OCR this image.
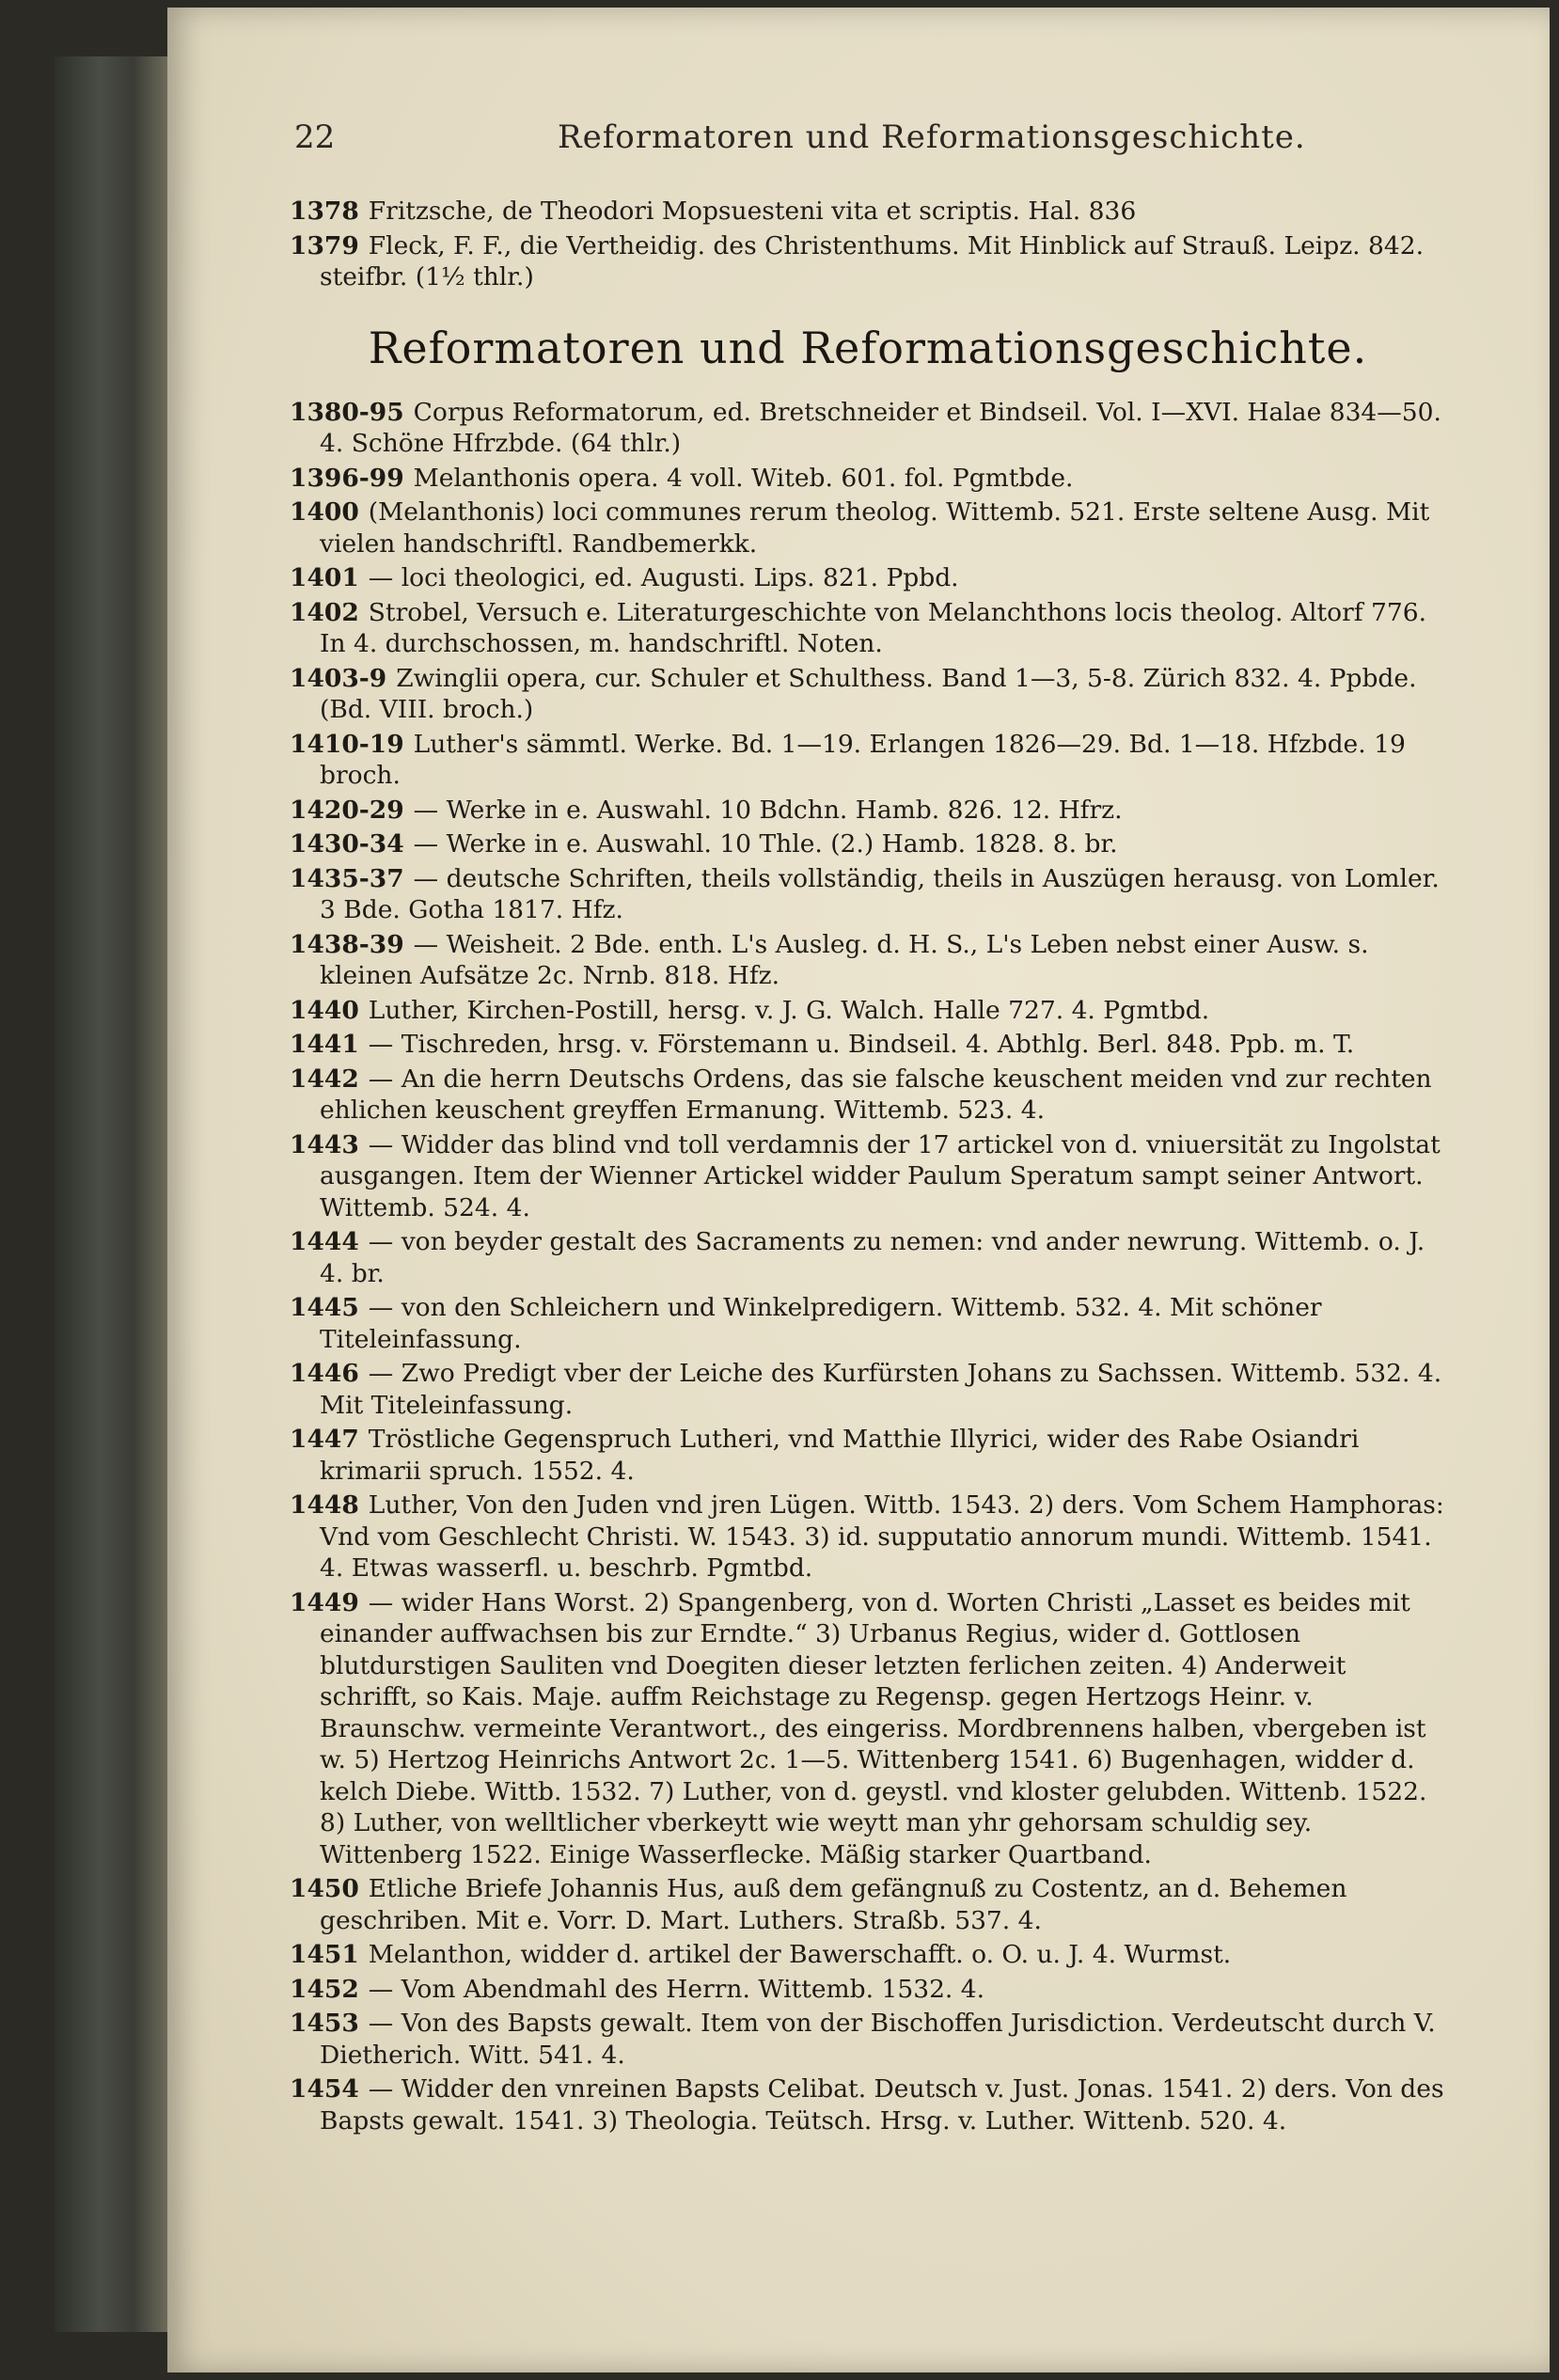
22	Reformatoren und Reformationsgeschichte.

1378 Fritzsche, de Theodori Mopsuesteni vita et scriptis. Hal. 836

1379 Fleck, F. F., die Vertheidig. des Christenthums. Mit Hinblick auf Strauß. Leipz. 842. steifbr. (1½ thlr.)

Reformatoren und Reformationsgeschichte.

1380-95 Corpus Reformatorum, ed. Bretschneider et Bindseil. Vol. I—XVI. Halae 834—50. 4. Schöne Hfrzbde. (64 thlr.)

1396-99 Melanthonis opera. 4 voll. Witeb. 601. fol. Pgmtbde.

1400 (Melanthonis) loci communes rerum theolog. Wittemb. 521. Erste seltene Ausg. Mit vielen handschriftl. Randbemerkk.

1401 — loci theologici, ed. Augusti. Lips. 821. Ppbd.

1402 Strobel, Versuch e. Literaturgeschichte von Melanchthons locis theolog. Altorf 776. In 4. durchschossen, m. handschriftl. Noten.

1403-9 Zwinglii opera, cur. Schuler et Schulthess. Band 1—3, 5-8. Zürich 832. 4. Ppbde. (Bd. VIII. broch.)

1410-19 Luther's sämmtl. Werke. Bd. 1—19. Erlangen 1826—29. Bd. 1—18. Hfzbde. 19 broch.

1420-29 — Werke in e. Auswahl. 10 Bdchn. Hamb. 826. 12. Hfrz.

1430-34 — Werke in e. Auswahl. 10 Thle. (2.) Hamb. 1828. 8. br.

1435-37 — deutsche Schriften, theils vollständig, theils in Auszügen herausg. von Lomler. 3 Bde. Gotha 1817. Hfz.

1438-39 — Weisheit. 2 Bde. enth. L's Ausleg. d. H. S., L's Leben nebst einer Ausw. s. kleinen Aufsätze 2c. Nrnb. 818. Hfz.

1440 Luther, Kirchen-Postill, hersg. v. J. G. Walch. Halle 727. 4. Pgmtbd.

1441 — Tischreden, hrsg. v. Förstemann u. Bindseil. 4. Abthlg. Berl. 848. Ppb. m. T.

1442 — An die herrn Deutschs Ordens, das sie falsche keuschent meiden vnd zur rechten ehlichen keuschent greyffen Ermanung. Wittemb. 523. 4.

1443 — Widder das blind vnd toll verdamnis der 17 artickel von d. vniuersität zu Ingolstat ausgangen. Item der Wienner Artickel widder Paulum Speratum sampt seiner Antwort. Wittemb. 524. 4.

1444 — von beyder gestalt des Sacraments zu nemen: vnd ander newrung. Wittemb. o. J. 4. br.

1445 — von den Schleichern und Winkelpredigern. Wittemb. 532. 4. Mit schöner Titeleinfassung.

1446 — Zwo Predigt vber der Leiche des Kurfürsten Johans zu Sachssen. Wittemb. 532. 4. Mit Titeleinfassung.

1447 Tröstliche Gegenspruch Lutheri, vnd Matthie Illyrici, wider des Rabe Osiandri krimarii spruch. 1552. 4.

1448 Luther, Von den Juden vnd jren Lügen. Wittb. 1543. 2) ders. Vom Schem Hamphoras: Vnd vom Geschlecht Christi. W. 1543. 3) id. supputatio annorum mundi. Wittemb. 1541. 4. Etwas wasserfl. u. beschrb. Pgmtbd.

1449 — wider Hans Worst. 2) Spangenberg, von d. Worten Christi „Lasset es beides mit einander auffwachsen bis zur Erndte.“ 3) Urbanus Regius, wider d. Gottlosen blutdurstigen Sauliten vnd Doegiten dieser letzten ferlichen zeiten. 4) Anderweit schrifft, so Kais. Maje. auffm Reichstage zu Regensp. gegen Hertzogs Heinr. v. Braunschw. vermeinte Verantwort., des eingeriss. Mordbrennens halben, vbergeben ist w. 5) Hertzog Heinrichs Antwort 2c. 1—5. Wittenberg 1541. 6) Bugenhagen, widder d. kelch Diebe. Wittb. 1532. 7) Luther, von d. geystl. vnd kloster gelubden. Wittenb. 1522. 8) Luther, von welltlicher vberkeytt wie weytt man yhr gehorsam schuldig sey. Wittenberg 1522. Einige Wasserflecke. Mäßig starker Quartband.

1450 Etliche Briefe Johannis Hus, auß dem gefängnuß zu Costentz, an d. Behemen geschriben. Mit e. Vorr. D. Mart. Luthers. Straßb. 537. 4.

1451 Melanthon, widder d. artikel der Bawerschafft. o. O. u. J. 4. Wurmst.

1452 — Vom Abendmahl des Herrn. Wittemb. 1532. 4.

1453 — Von des Bapsts gewalt. Item von der Bischoffen Jurisdiction. Verdeutscht durch V. Dietherich. Witt. 541. 4.

1454 — Widder den vnreinen Bapsts Celibat. Deutsch v. Just. Jonas. 1541. 2) ders. Von des Bapsts gewalt. 1541. 3) Theologia. Teütsch. Hrsg. v. Luther. Wittenb. 520. 4.
